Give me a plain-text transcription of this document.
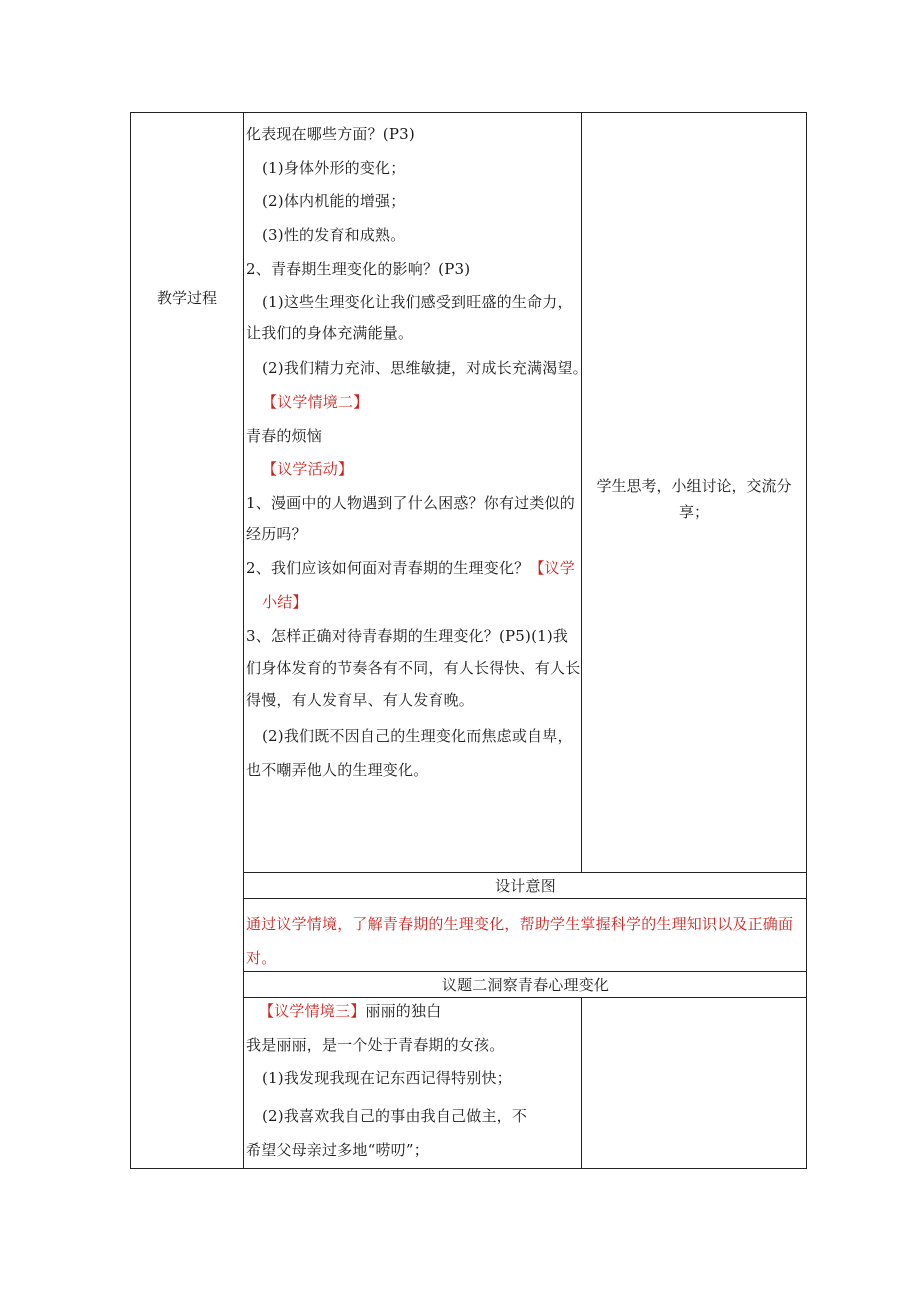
教学过程
化表现在哪些方面？(P3)
(1)身体外形的变化；
(2)体内机能的增强；
(3)性的发育和成熟。
2、青春期生理变化的影响？(P3)
(1)这些生理变化让我们感受到旺盛的生命力，
让我们的身体充满能量。
(2)我们精力充沛、思维敏捷，对成长充满渴望。
【议学情境二】
青春的烦恼
【议学活动】
1、漫画中的人物遇到了什么困惑？你有过类似的
经历吗？
2、我们应该如何面对青春期的生理变化？【议学
小结】
3、怎样正确对待青春期的生理变化？(P5)(1)我
们身体发育的节奏各有不同，有人长得快、有人长
得慢，有人发育早、有人发育晚。
(2)我们既不因自己的生理变化而焦虑或自卑，
也不嘲弄他人的生理变化。
学生思考，小组讨论，交流分
享；
设计意图
通过议学情境，了解青春期的生理变化，帮助学生掌握科学的生理知识以及正确面
对。
议题二洞察青春心理变化
【议学情境三】丽丽的独白
我是丽丽，是一个处于青春期的女孩。
(1)我发现我现在记东西记得特别快；
(2)我喜欢我自己的事由我自己做主，不
希望父母亲过多地“唠叨”；
